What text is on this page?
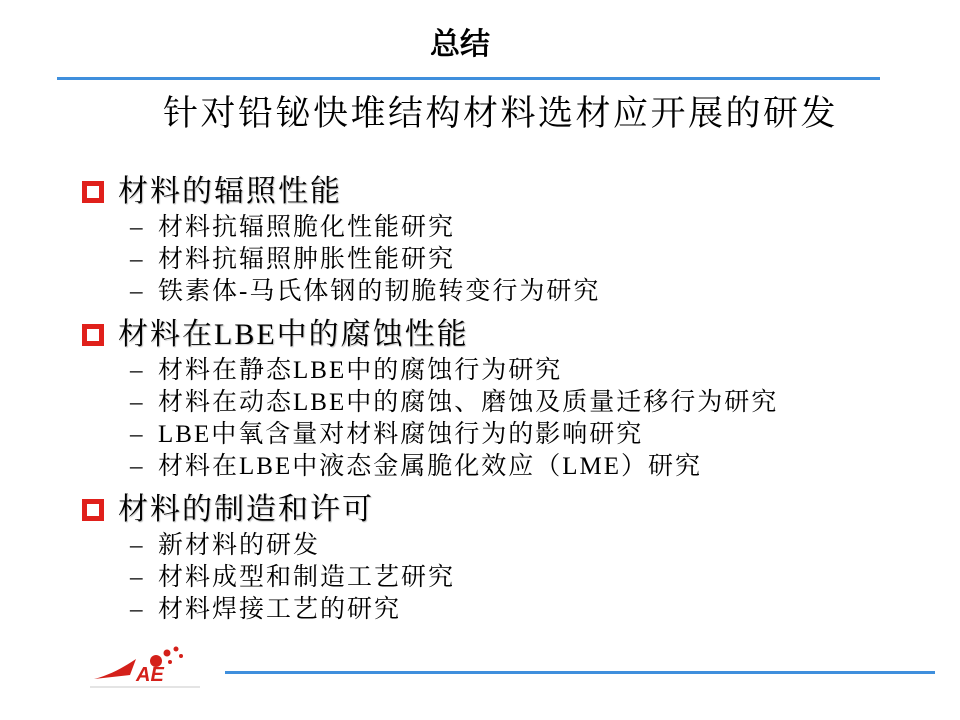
总结
针对铅铋快堆结构材料选材应开展的研发
材料的辐照性能
– 材料抗辐照脆化性能研究
– 材料抗辐照肿胀性能研究
– 铁素体-马氏体钢的韧脆转变行为研究
材料在LBE中的腐蚀性能
– 材料在静态LBE中的腐蚀行为研究
– 材料在动态LBE中的腐蚀、磨蚀及质量迁移行为研究
– LBE中氧含量对材料腐蚀行为的影响研究
– 材料在LBE中液态金属脆化效应（LME）研究
材料的制造和许可
– 新材料的研发
– 材料成型和制造工艺研究
– 材料焊接工艺的研究
AE
